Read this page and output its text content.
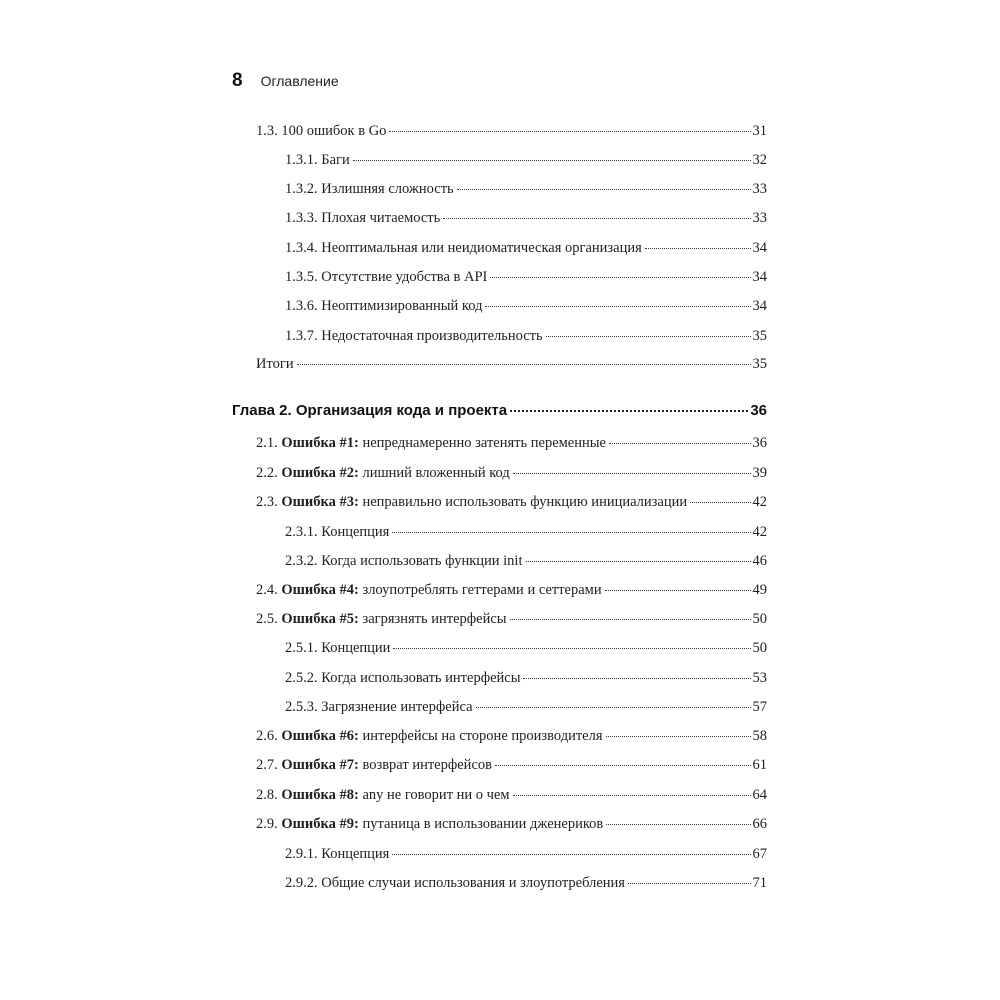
8 Оглавление
1.3. 100 ошибок в Go	31
1.3.1. Баги	32
1.3.2. Излишняя сложность	33
1.3.3. Плохая читаемость	33
1.3.4. Неоптимальная или неидиоматическая организация	34
1.3.5. Отсутствие удобства в API	34
1.3.6. Неоптимизированный код	34
1.3.7. Недостаточная производительность	35
Итоги	35
Глава 2. Организация кода и проекта	36
2.1. Ошибка #1: непреднамеренно затенять переменные	36
2.2. Ошибка #2: лишний вложенный код	39
2.3. Ошибка #3: неправильно использовать функцию инициализации	42
2.3.1. Концепция	42
2.3.2. Когда использовать функции init	46
2.4. Ошибка #4: злоупотреблять геттерами и сеттерами	49
2.5. Ошибка #5: загрязнять интерфейсы	50
2.5.1. Концепции	50
2.5.2. Когда использовать интерфейсы	53
2.5.3. Загрязнение интерфейса	57
2.6. Ошибка #6: интерфейсы на стороне производителя	58
2.7. Ошибка #7: возврат интерфейсов	61
2.8. Ошибка #8: any не говорит ни о чем	64
2.9. Ошибка #9: путаница в использовании дженериков	66
2.9.1. Концепция	67
2.9.2. Общие случаи использования и злоупотребления	71
